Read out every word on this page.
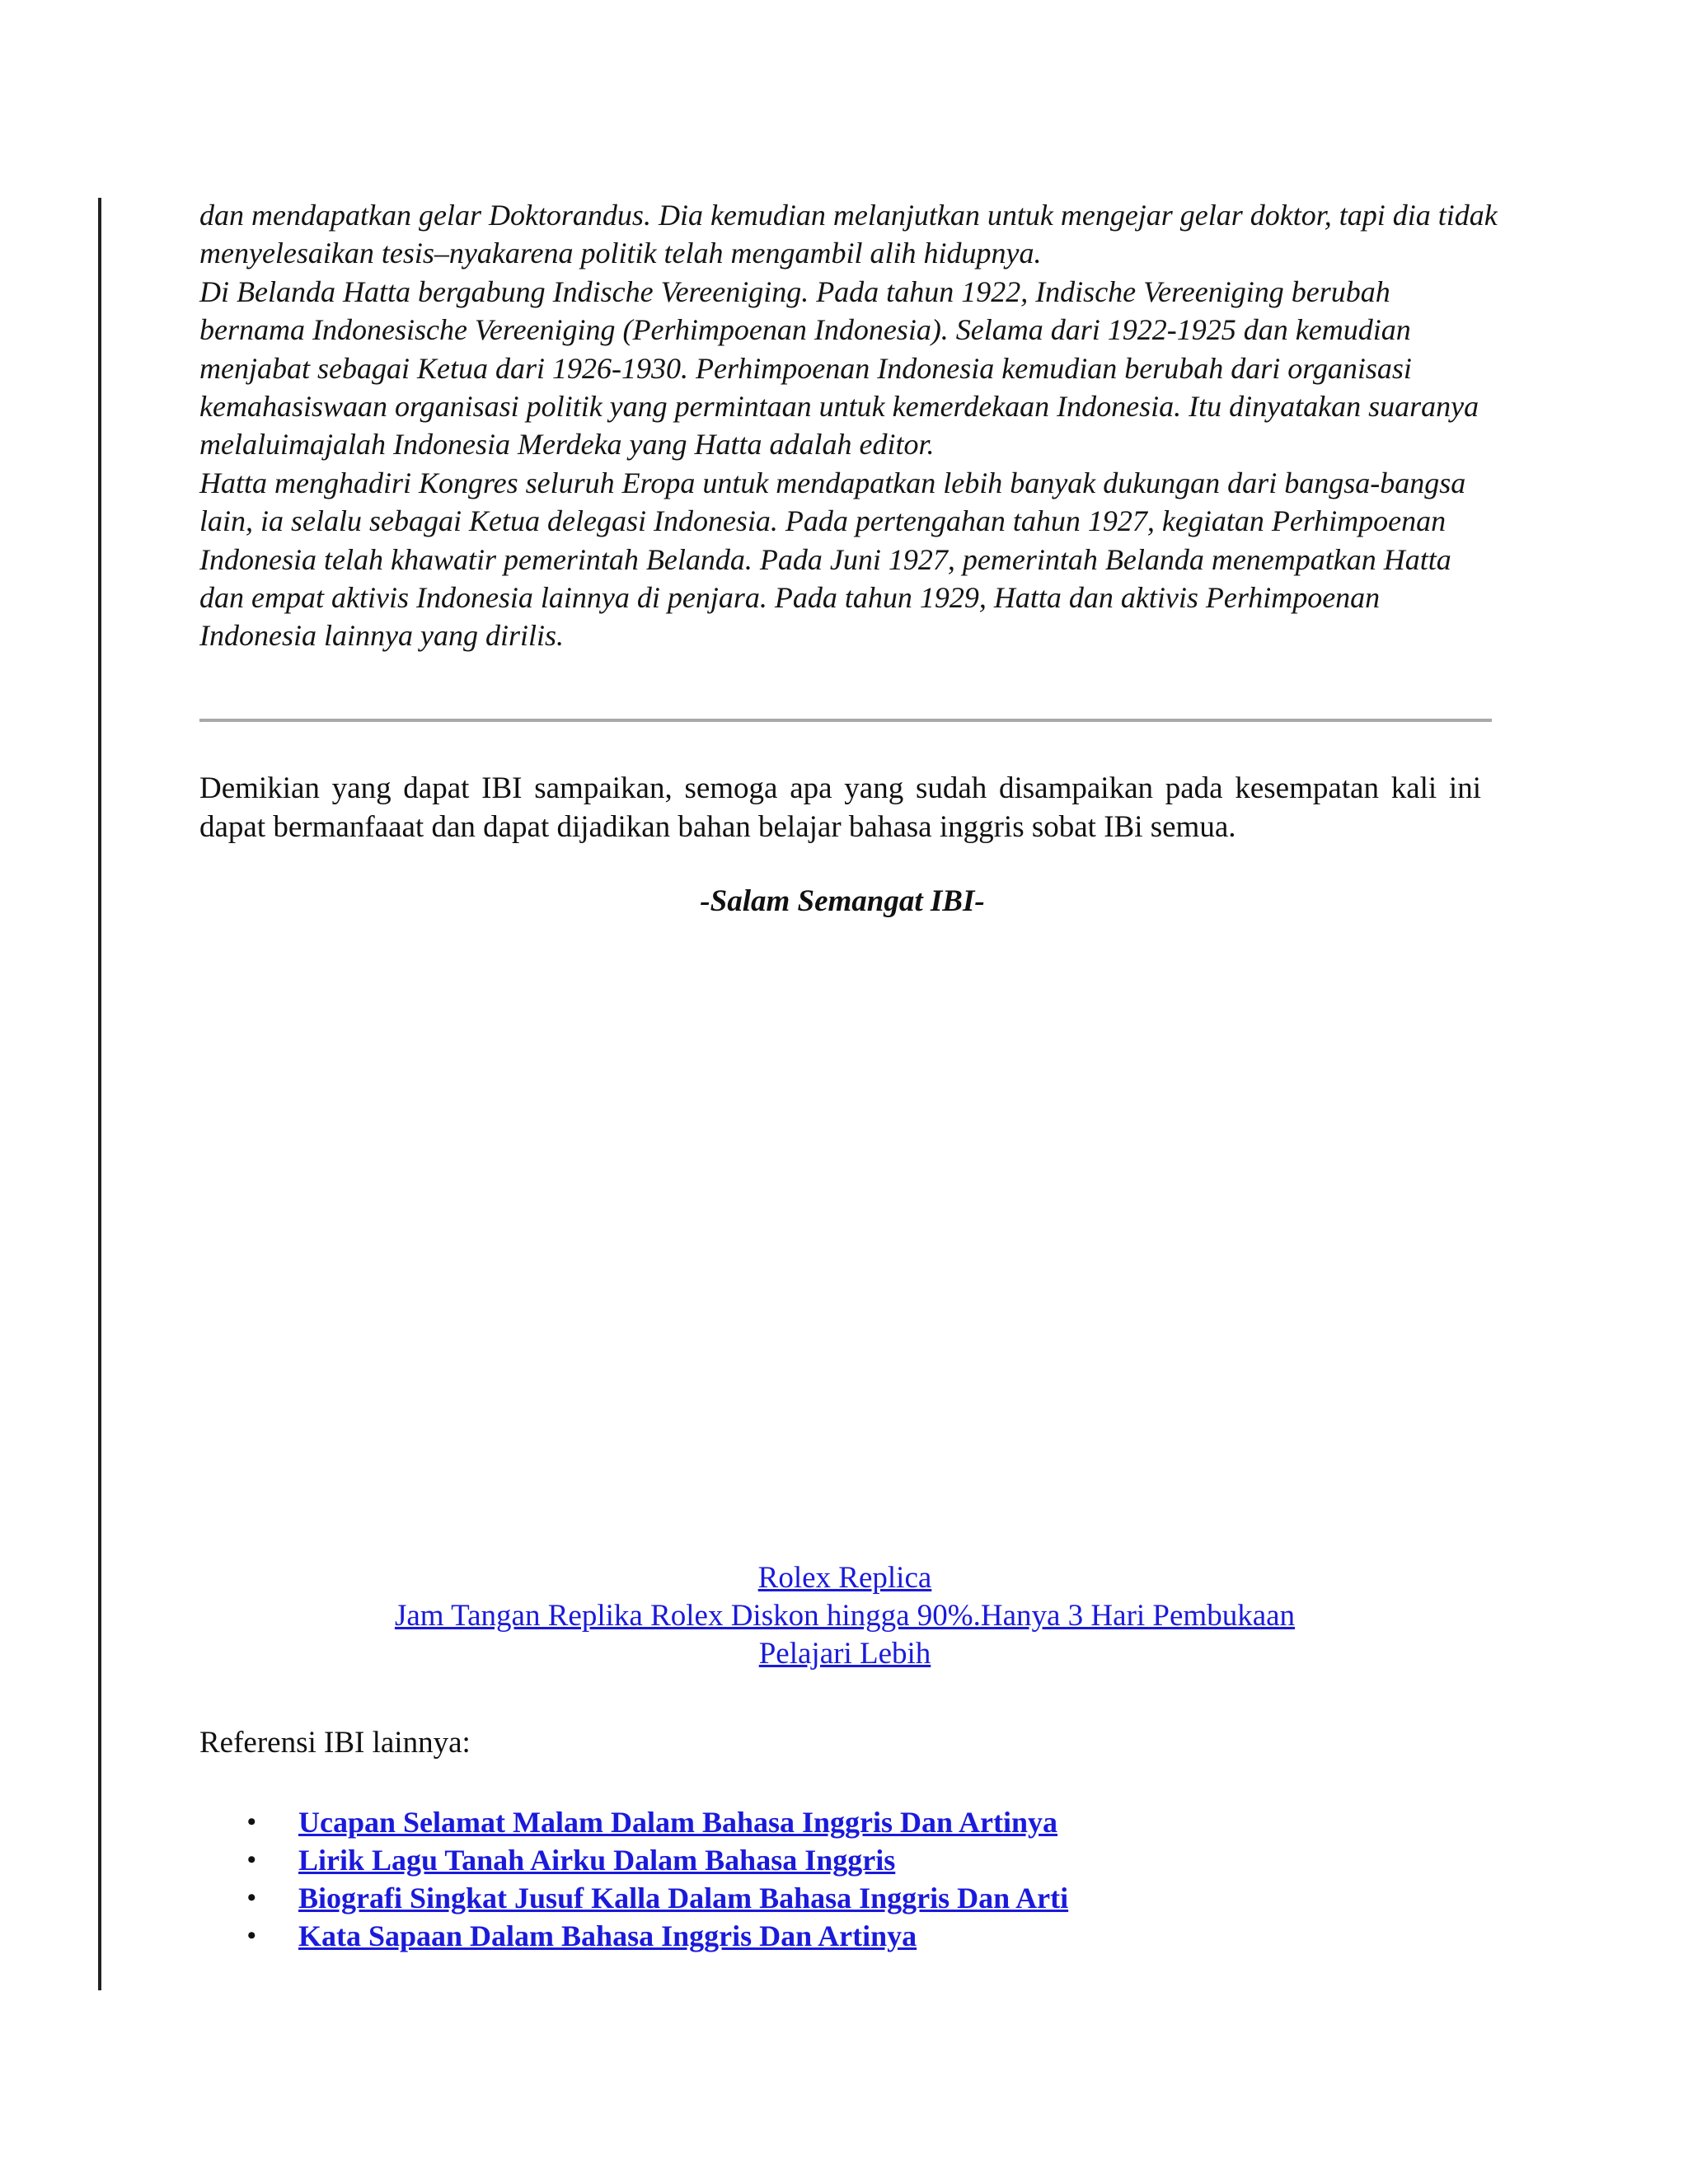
dan mendapatkan gelar Doktorandus. Dia kemudian melanjutkan untuk mengejar gelar doktor, tapi dia tidak menyelesaikan tesis–nyakarena politik telah mengambil alih hidupnya.
Di Belanda Hatta bergabung Indische Vereeniging. Pada tahun 1922, Indische Vereeniging berubah bernama Indonesische Vereeniging (Perhimpoenan Indonesia). Selama dari 1922-1925 dan kemudian menjabat sebagai Ketua dari 1926-1930. Perhimpoenan Indonesia kemudian berubah dari organisasi kemahasiswaan organisasi politik yang permintaan untuk kemerdekaan Indonesia. Itu dinyatakan suaranya melaluimajalah Indonesia Merdeka yang Hatta adalah editor.
Hatta menghadiri Kongres seluruh Eropa untuk mendapatkan lebih banyak dukungan dari bangsa-bangsa lain, ia selalu sebagai Ketua delegasi Indonesia. Pada pertengahan tahun 1927, kegiatan Perhimpoenan Indonesia telah khawatir pemerintah Belanda. Pada Juni 1927, pemerintah Belanda menempatkan Hatta dan empat aktivis Indonesia lainnya di penjara. Pada tahun 1929, Hatta dan aktivis Perhimpoenan Indonesia lainnya yang dirilis.

Demikian yang dapat IBI sampaikan, semoga apa yang sudah disampaikan pada kesempatan kali ini dapat bermanfaaat dan dapat dijadikan bahan belajar bahasa inggris sobat IBi semua.

-Salam Semangat IBI-
Rolex Replica
Jam Tangan Replika Rolex Diskon hingga 90%.Hanya 3 Hari Pembukaan
Pelajari Lebih
Referensi IBI lainnya:
• Ucapan Selamat Malam Dalam Bahasa Inggris Dan Artinya
• Lirik Lagu Tanah Airku Dalam Bahasa Inggris
• Biografi Singkat Jusuf Kalla Dalam Bahasa Inggris Dan Arti
• Kata Sapaan Dalam Bahasa Inggris Dan Artinya
